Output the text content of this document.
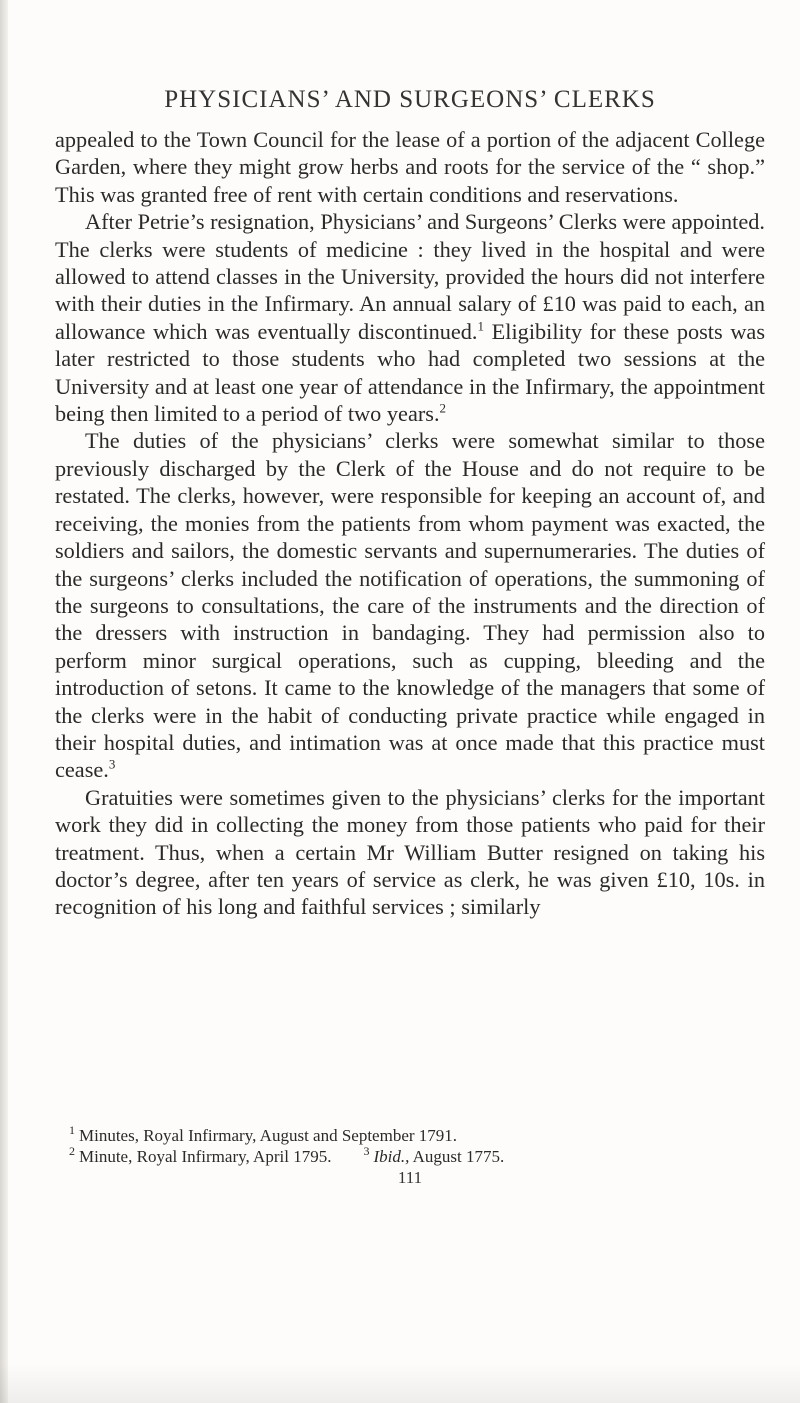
PHYSICIANS’ AND SURGEONS’ CLERKS

appealed to the Town Council for the lease of a portion of the adjacent College Garden, where they might grow herbs and roots for the service of the “ shop.” This was granted free of rent with certain conditions and reservations.

After Petrie’s resignation, Physicians’ and Surgeons’ Clerks were appointed. The clerks were students of medicine : they lived in the hospital and were allowed to attend classes in the University, provided the hours did not interfere with their duties in the Infirmary. An annual salary of £10 was paid to each, an allowance which was eventually discontinued.$^1$ Eligibility for these posts was later restricted to those students who had completed two sessions at the University and at least one year of attendance in the Infirmary, the appointment being then limited to a period of two years.$^2$

The duties of the physicians’ clerks were somewhat similar to those previously discharged by the Clerk of the House and do not require to be restated. The clerks, however, were responsible for keeping an account of, and receiving, the monies from the patients from whom payment was exacted, the soldiers and sailors, the domestic servants and supernumeraries. The duties of the surgeons’ clerks included the notification of operations, the summoning of the surgeons to consultations, the care of the instruments and the direction of the dressers with instruction in bandaging. They had permission also to perform minor surgical operations, such as cupping, bleeding and the introduction of setons. It came to the knowledge of the managers that some of the clerks were in the habit of conducting private practice while engaged in their hospital duties, and intimation was at once made that this practice must cease.$^3$

Gratuities were sometimes given to the physicians’ clerks for the important work they did in collecting the money from those patients who paid for their treatment. Thus, when a certain Mr William Butter resigned on taking his doctor’s degree, after ten years of service as clerk, he was given £10, 10s. in recognition of his long and faithful services ; similarly

$^1$ Minutes, Royal Infirmary, August and September 1791.
$^2$ Minute, Royal Infirmary, April 1795.	$^3$ Ibid., August 1775.
111
